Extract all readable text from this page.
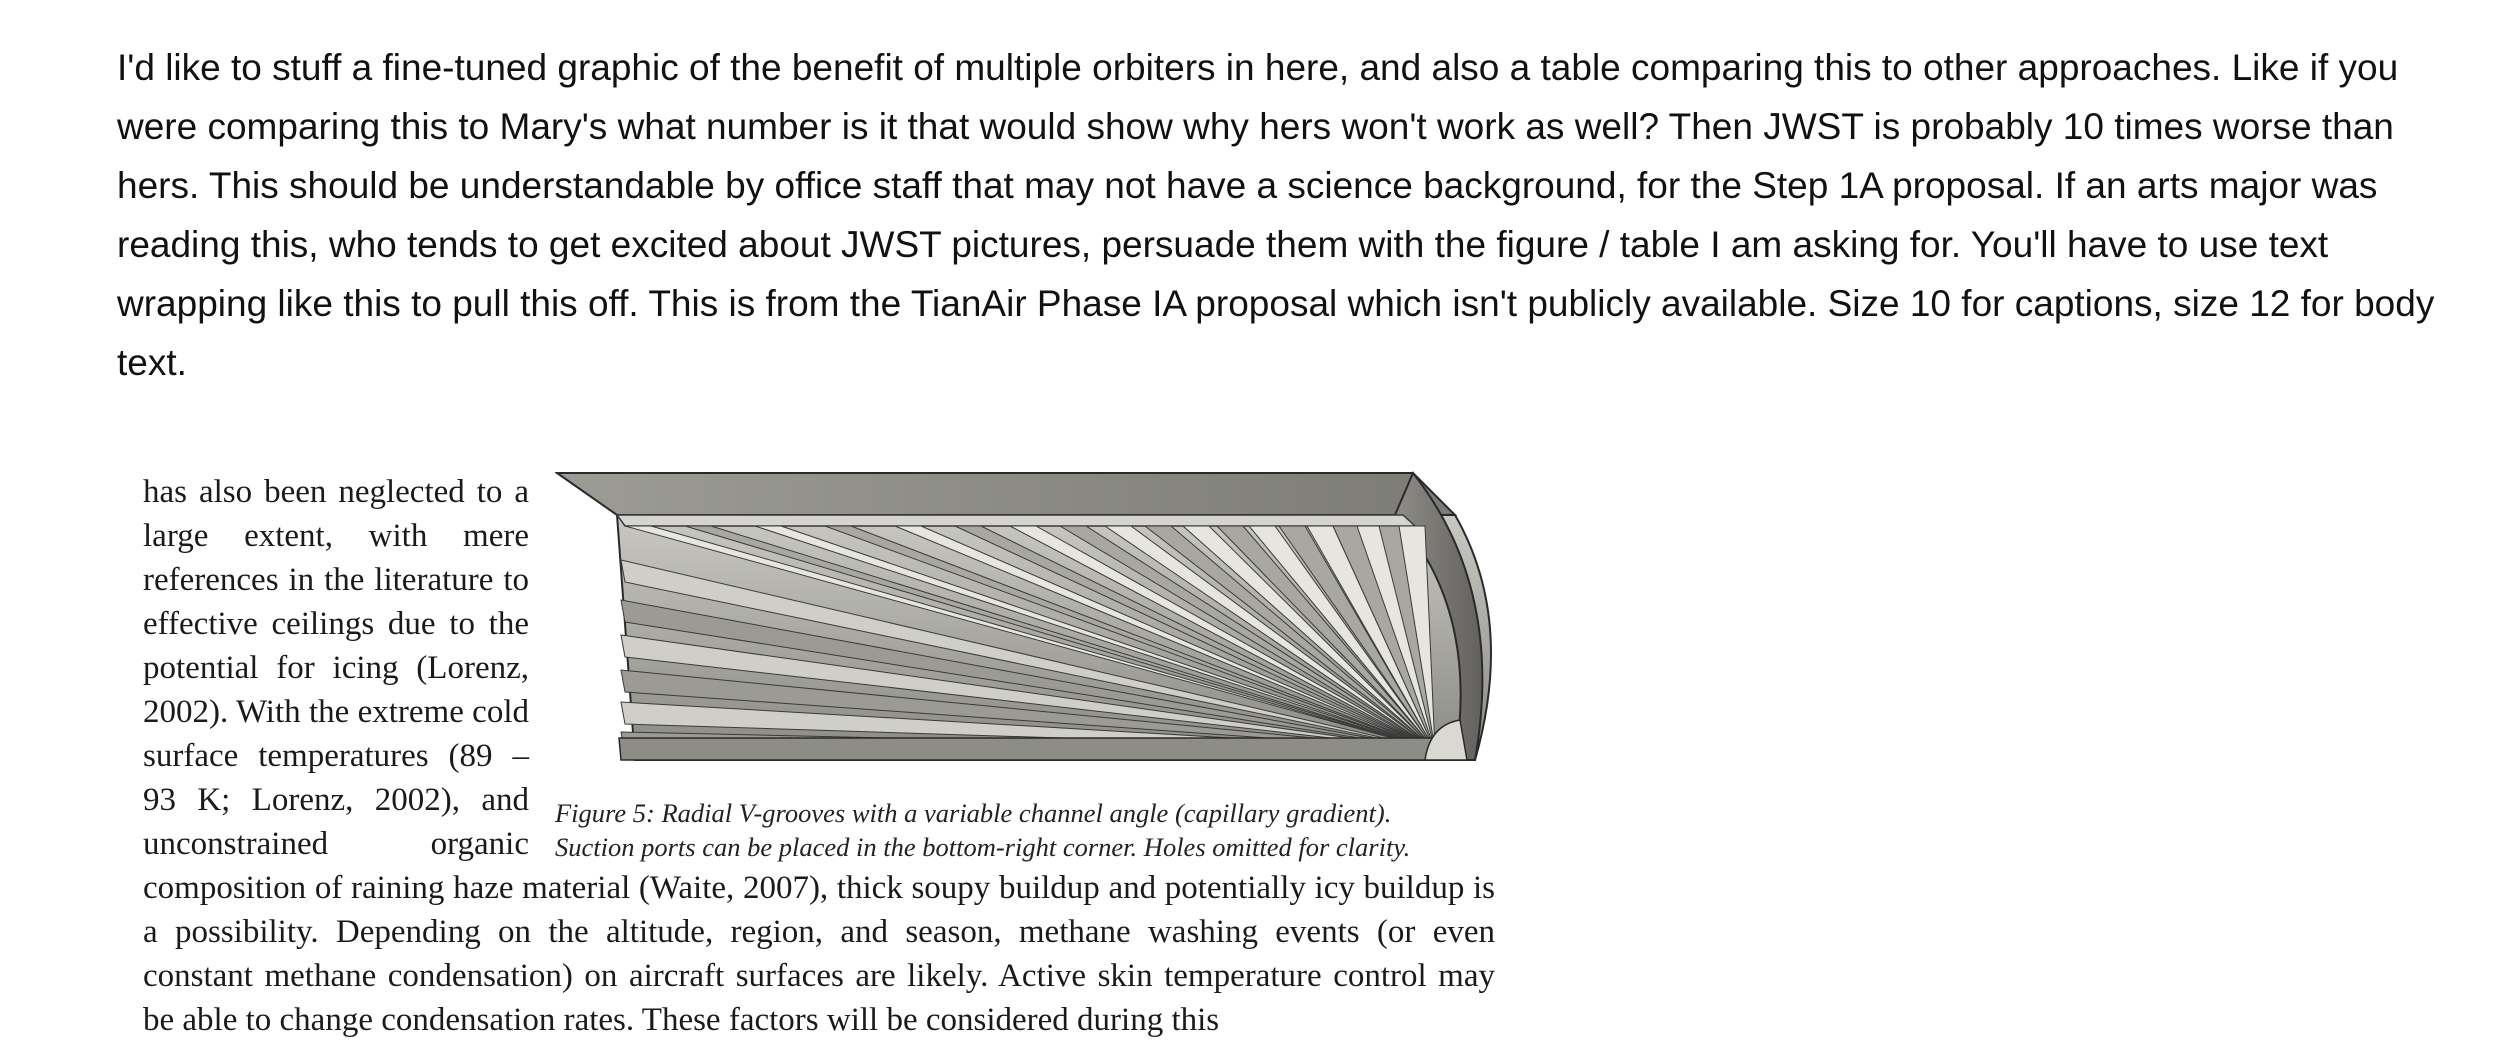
I'd like to stuff a fine-tuned graphic of the benefit of multiple orbiters in here, and also a table comparing this to other approaches. Like if you were comparing this to Mary's what number is it that would show why hers won't work as well? Then JWST is probably 10 times worse than hers. This should be understandable by office staff that may not have a science background, for the Step 1A proposal. If an arts major was reading this, who tends to get excited about JWST pictures, persuade them with the figure / table I am asking for. You'll have to use text wrapping like this to pull this off. This is from the TianAir Phase IA proposal which isn't publicly available. Size 10 for captions, size 12 for body text.
Figure 5: Radial V-grooves with a variable channel angle (capillary gradient).
Suction ports can be placed in the bottom-right corner. Holes omitted for clarity.
has also been neglected to a large extent, with mere references in the literature to effective ceilings due to the potential for icing (Lorenz, 2002). With the extreme cold surface temperatures (89 – 93 K; Lorenz, 2002), and unconstrained organic composition of raining haze material (Waite, 2007), thick soupy buildup and potentially icy buildup is a possibility. Depending on the altitude, region, and season, methane washing events (or even constant methane condensation) on aircraft surfaces are likely. Active skin temperature control may be able to change condensation rates. These factors will be considered during this
